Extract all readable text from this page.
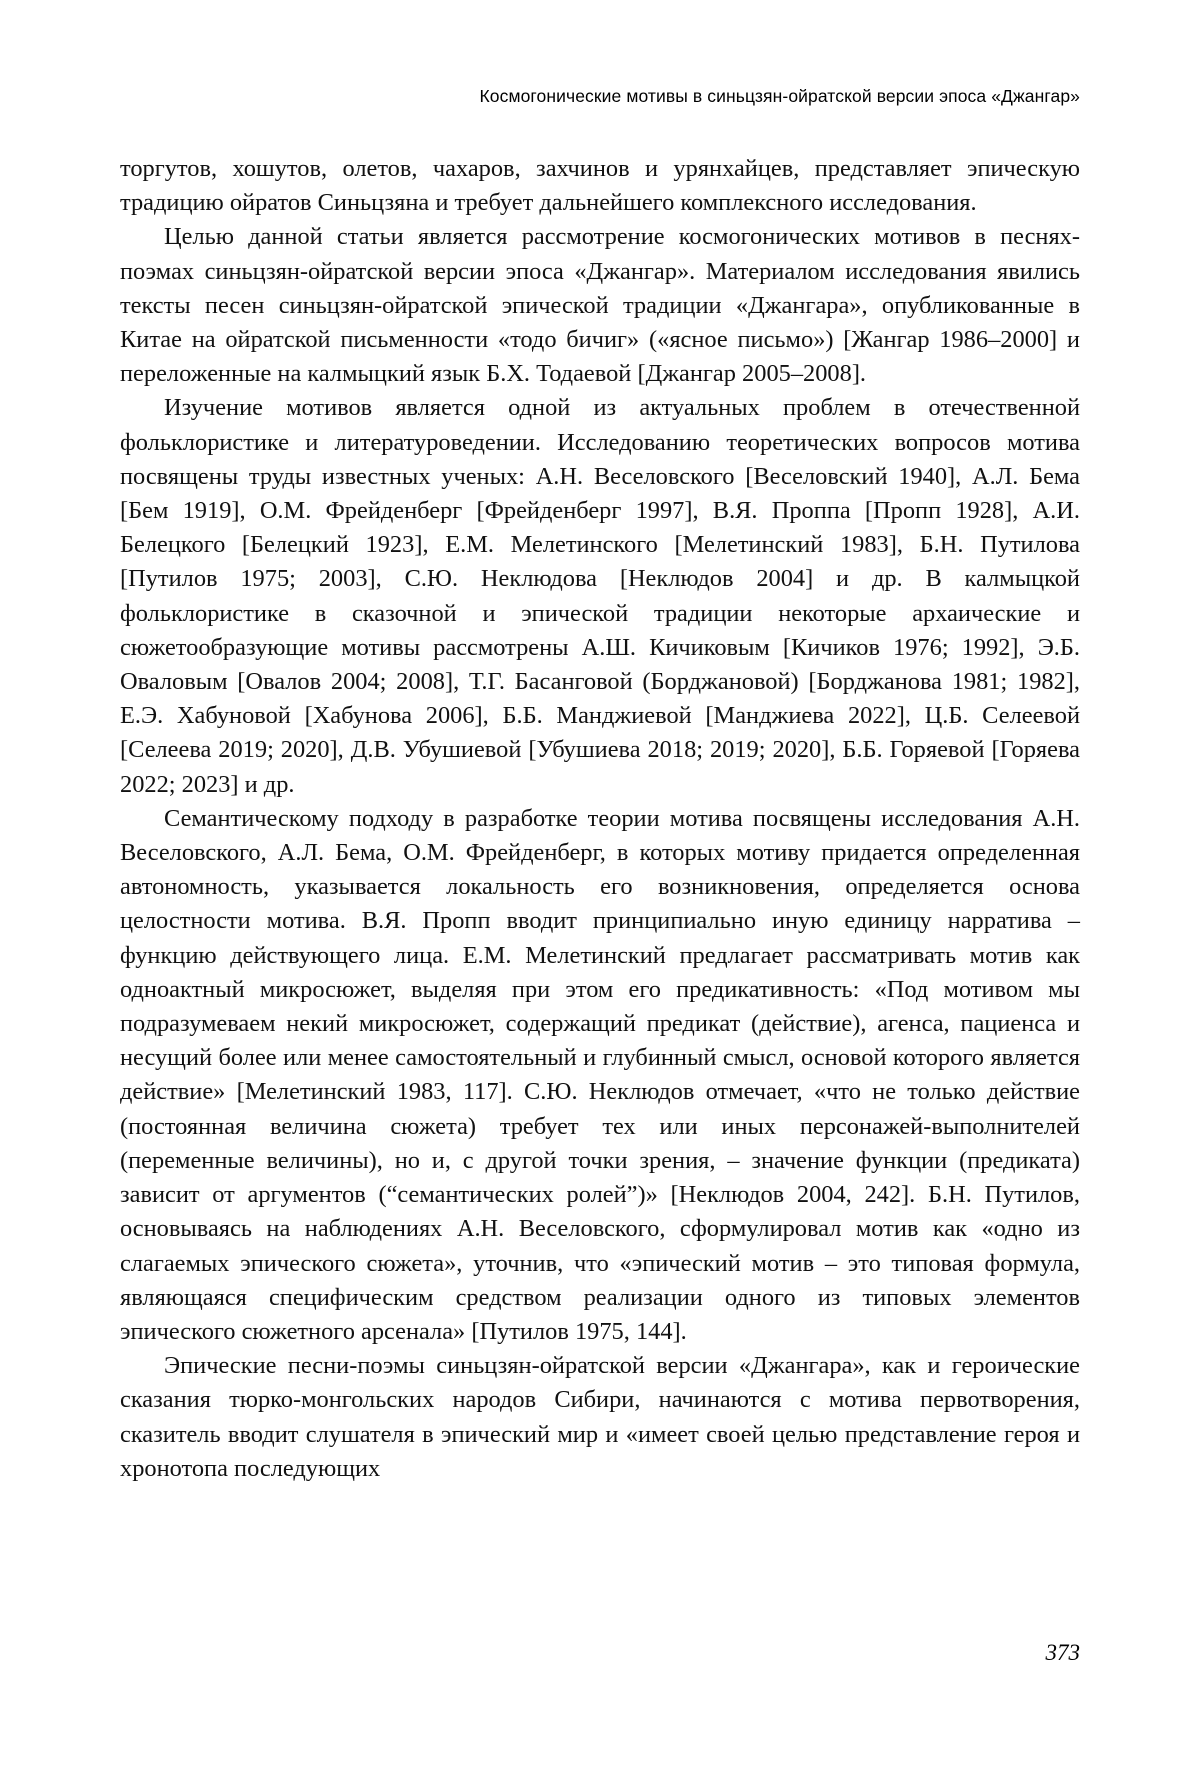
Космогонические мотивы в синьцзян-ойратской версии эпоса «Джангар»

торгутов, хошутов, олетов, чахаров, захчинов и урянхайцев, представляет эпическую традицию ойратов Синьцзяна и требует дальнейшего комплексного исследования.

Целью данной статьи является рассмотрение космогонических мотивов в песнях-поэмах синьцзян-ойратской версии эпоса «Джангар». Материалом исследования явились тексты песен синьцзян-ойратской эпической традиции «Джангара», опубликованные в Китае на ойратской письменности «тодо бичиг» («ясное письмо») [Жангар 1986–2000] и переложенные на калмыцкий язык Б.Х. Тодаевой [Джангар 2005–2008].

Изучение мотивов является одной из актуальных проблем в отечественной фольклористике и литературоведении. Исследованию теоретических вопросов мотива посвящены труды известных ученых: А.Н. Веселовского [Веселовский 1940], А.Л. Бема [Бем 1919], О.М. Фрейденберг [Фрейденберг 1997], В.Я. Проппа [Пропп 1928], А.И. Белецкого [Белецкий 1923], Е.М. Мелетинского [Мелетинский 1983], Б.Н. Путилова [Путилов 1975; 2003], С.Ю. Неклюдова [Неклюдов 2004] и др. В калмыцкой фольклористике в сказочной и эпической традиции некоторые архаические и сюжетообразующие мотивы рассмотрены А.Ш. Кичиковым [Кичиков 1976; 1992], Э.Б. Оваловым [Овалов 2004; 2008], Т.Г. Басанговой (Борджановой) [Борджанова 1981; 1982], Е.Э. Хабуновой [Хабунова 2006], Б.Б. Манджиевой [Манджиева 2022], Ц.Б. Селеевой [Селеева 2019; 2020], Д.В. Убушиевой [Убушиева 2018; 2019; 2020], Б.Б. Горяевой [Горяева 2022; 2023] и др.

Семантическому подходу в разработке теории мотива посвящены исследования А.Н. Веселовского, А.Л. Бема, О.М. Фрейденберг, в которых мотиву придается определенная автономность, указывается локальность его возникновения, определяется основа целостности мотива. В.Я. Пропп вводит принципиально иную единицу нарратива – функцию действующего лица. Е.М. Мелетинский предлагает рассматривать мотив как одноактный микросюжет, выделяя при этом его предикативность: «Под мотивом мы подразумеваем некий микросюжет, содержащий предикат (действие), агенса, пациенса и несущий более или менее самостоятельный и глубинный смысл, основой которого является действие» [Мелетинский 1983, 117]. С.Ю. Неклюдов отмечает, «что не только действие (постоянная величина сюжета) требует тех или иных персонажей-выполнителей (переменные величины), но и, с другой точки зрения, – значение функции (предиката) зависит от аргументов (“семантических ролей”)» [Неклюдов 2004, 242]. Б.Н. Путилов, основываясь на наблюдениях А.Н. Веселовского, сформулировал мотив как «одно из слагаемых эпического сюжета», уточнив, что «эпический мотив – это типовая формула, являющаяся специфическим средством реализации одного из типовых элементов эпического сюжетного арсенала» [Путилов 1975, 144].

Эпические песни-поэмы синьцзян-ойратской версии «Джангара», как и героические сказания тюрко-монгольских народов Сибири, начинаются с мотива первотворения, сказитель вводит слушателя в эпический мир и «имеет своей целью представление героя и хронотопа последующих

373
